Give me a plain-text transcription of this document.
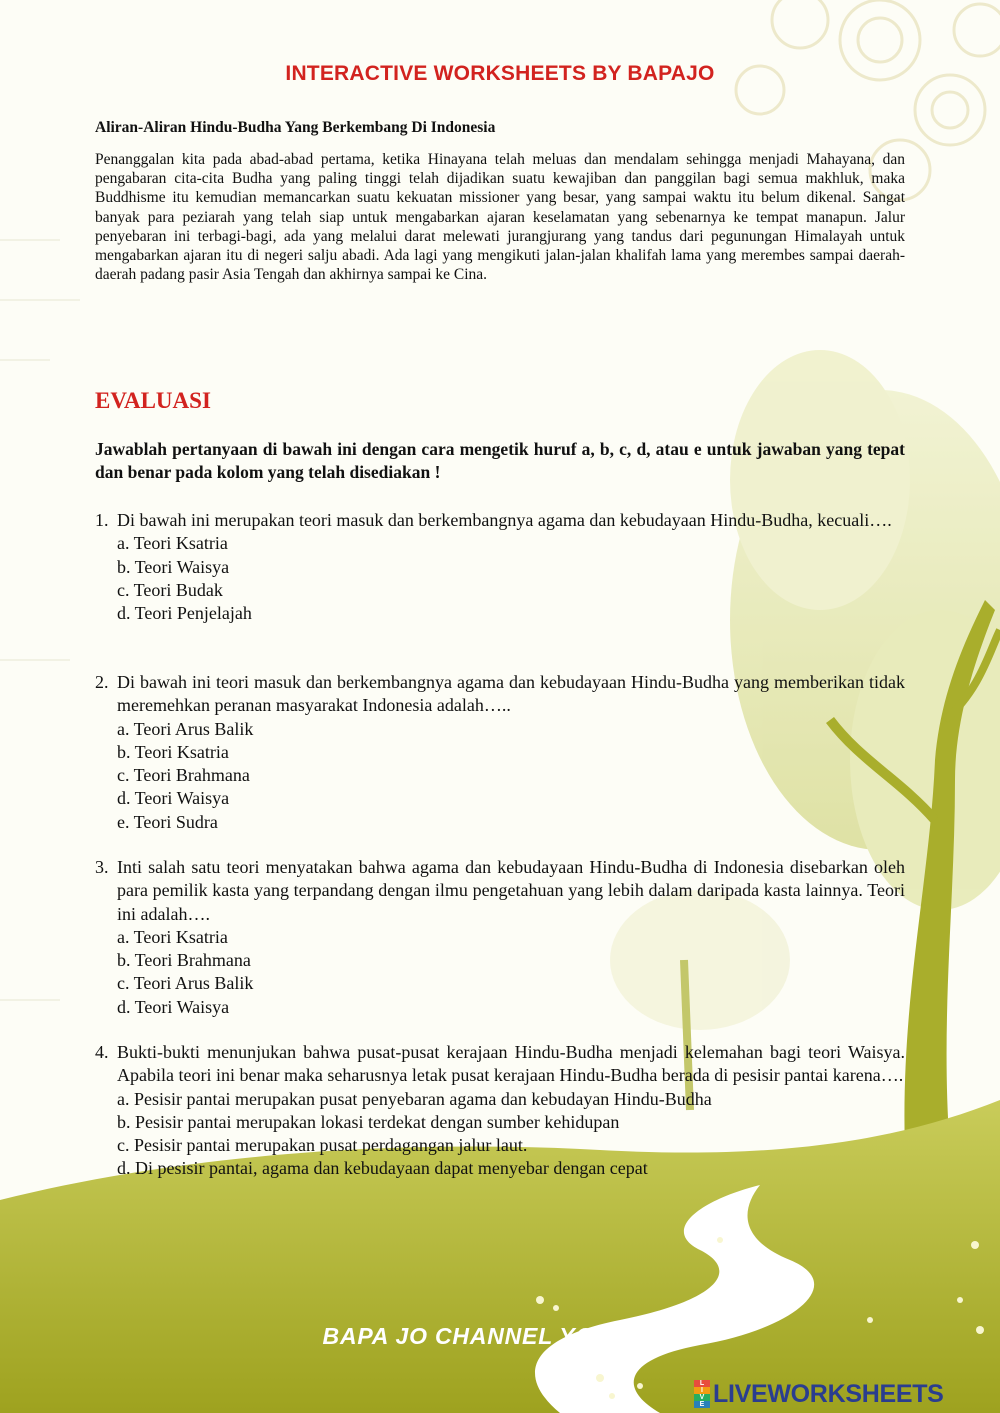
INTERACTIVE WORKSHEETS BY BAPAJO
Aliran-Aliran Hindu-Budha Yang Berkembang Di Indonesia
Penanggalan kita pada abad-abad pertama, ketika Hinayana telah meluas dan mendalam sehingga menjadi Mahayana, dan pengabaran cita-cita Budha yang paling tinggi telah dijadikan suatu kewajiban dan panggilan bagi semua makhluk, maka Buddhisme itu kemudian memancarkan suatu kekuatan missioner yang besar, yang sampai waktu itu belum dikenal. Sangat banyak para peziarah yang telah siap untuk mengabarkan ajaran keselamatan yang sebenarnya ke tempat manapun. Jalur penyebaran ini terbagi-bagi, ada yang melalui darat melewati jurangjurang yang tandus dari pegunungan Himalayah untuk mengabarkan ajaran itu di negeri salju abadi. Ada lagi yang mengikuti jalan-jalan khalifah lama yang merembes sampai daerah-daerah padang pasir Asia Tengah dan akhirnya sampai ke Cina.
EVALUASI
Jawablah pertanyaan di bawah ini dengan cara mengetik huruf a, b, c, d, atau e untuk jawaban yang tepat dan benar pada kolom yang telah disediakan !
1. Di bawah ini merupakan teori masuk dan berkembangnya agama dan kebudayaan Hindu-Budha, kecuali….
a. Teori Ksatria
b. Teori Waisya
c. Teori Budak
d. Teori Penjelajah
2. Di bawah ini teori masuk dan berkembangnya agama dan kebudayaan Hindu-Budha yang memberikan tidak meremehkan peranan masyarakat Indonesia adalah…..
a. Teori Arus Balik
b. Teori Ksatria
c. Teori Brahmana
d. Teori Waisya
e. Teori Sudra
3. Inti salah satu teori menyatakan bahwa agama dan kebudayaan Hindu-Budha di Indonesia disebarkan oleh para pemilik kasta yang terpandang dengan ilmu pengetahuan yang lebih dalam daripada kasta lainnya. Teori ini adalah….
a. Teori Ksatria
b. Teori Brahmana
c. Teori Arus Balik
d. Teori Waisya
4. Bukti-bukti menunjukan bahwa pusat-pusat kerajaan Hindu-Budha menjadi kelemahan bagi teori Waisya. Apabila teori ini benar maka seharusnya letak pusat kerajaan Hindu-Budha berada di pesisir pantai karena….
a. Pesisir pantai merupakan pusat penyebaran agama dan kebudayan Hindu-Budha
b. Pesisir pantai merupakan lokasi terdekat dengan sumber kehidupan
c. Pesisir pantai merupakan pusat perdagangan jalur laut.
d. Di pesisir pantai, agama dan kebudayaan dapat menyebar dengan cepat
BAPA JO CHANNEL YOUTUBE
L
I
V
E LIVEWORKSHEETS
